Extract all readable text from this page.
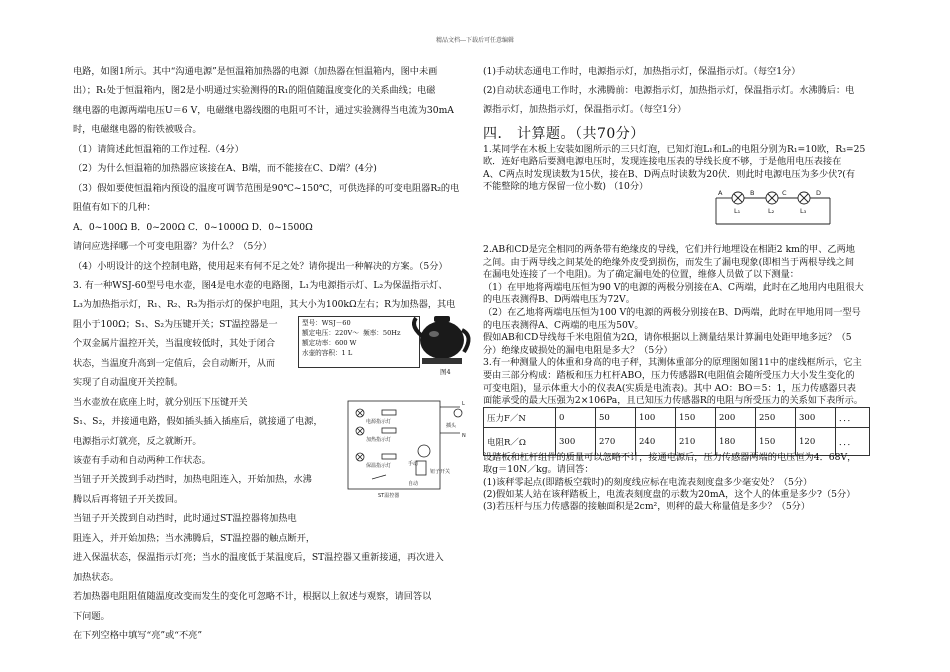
精品文档---下载后可任意编辑
电路，如图1所示。其中“沟通电源”是恒温箱加热器的电源（加热器在恒温箱内，图中未画
出）；R₁处于恒温箱内，图2是小明通过实验测得的R₁的阻值随温度变化的关系曲线；电磁
继电器的电源两端电压U＝6 V，电磁继电器线圈的电阻可不计，通过实验测得当电流为30mA
时，电磁继电器的衔铁被吸合。
（1）请简述此恒温箱的工作过程.（4分）
（2）为什么恒温箱的加热器应该接在A、B端，而不能接在C、D端？(4分)
（3）假如要使恒温箱内预设的温度可调节范围是90℃~150℃，可供选择的可变电阻器R₂的电
阻值有如下的几种：
A．0~100Ω B．0~200Ω C．0~1000Ω D．0~1500Ω
请问应选择哪一个可变电阻器？为什么？（5分）
（4）小明设计的这个控制电路，使用起来有何不足之处？请你提出一种解决的方案。（5分）
3. 有一种WSJ-60型号电水壶，图4是电水壶的电路图，L₁为电源指示灯、L₂为保温指示灯、
L₃为加热指示灯，R₁、R₂、R₃为指示灯的保护电阻，其大小为100kΩ左右；R为加热器，其电
阻小于100Ω；S₁、S₂为压键开关；ST温控器是一
个双金属片温控开关，当温度较低时，其处于闭合
状态，当温度升高到一定值后，会自动断开，从而
实现了自动温度开关控制。
当水壶放在底座上时，就分别压下压键开关
S₁、S₂，并接通电路，假如插头插入插座后，就接通了电源，
电源指示灯就亮，反之就断开。
该壶有手动和自动两种工作状态。
当钮子开关拨到手动挡时，加热电阻连入，开始加热，水沸
腾以后再将钮子开关拨回。
当钮子开关拨到自动挡时，此时通过ST温控器将加热电
阻连入，并开始加热；当水沸腾后，ST温控器的触点断开，
进入保温状态，保温指示灯亮；当水的温度低于某温度后，ST温控器又重新接通，再次进入
加热状态。
若加热器电阻阻值随温度改变而发生的变化可忽略不计，根据以上叙述与观察，请回答以
下问题。
在下列空格中填写“亮”或“不亮”
型号：WSJ－60
额定电压：220V～ 频率：50Hz
额定功率：600 W
水壶的容积：1 L
图4
电源指示灯
加热指示灯
保温指示灯
ST温控器
钮子开关
手动
自动
插头
L
N
(1)手动状态通电工作时，电源指示灯，加热指示灯，保温指示灯。（每空1分）
(2)自动状态通电工作时，水沸腾前：电源指示灯，加热指示灯，保温指示灯。水沸腾后：电
源指示灯，加热指示灯，保温指示灯。（每空1分）
四． 计算题。（共70分）
1.某同学在木板上安装如图所示的三只灯泡，已知灯泡L₁和L₃的电阻分别为R₁=10欧，R₃=25
欧．连好电路后要测电源电压时，发现连接电压表的导线长度不够，于是他用电压表接在
A、C两点时发现读数为15伏，接在B、D两点时读数为20伏．则此时电源电压为多少伏?(有
不能整除的地方保留一位小数) （10分）
A	B	C	D
L₁	L₂	L₃
2.AB和CD是完全相同的两条带有绝缘皮的导线，它们并行地埋设在相距2 km的甲、乙两地
之间。由于两导线之间某处的绝缘外皮受到损伤，而发生了漏电现象(即相当于两根导线之间
在漏电处连接了一个电阻)。为了确定漏电处的位置，维修人员做了以下测量：
（1）在甲地将两端电压恒为90 V的电源的两极分别接在A、C两端，此时在乙地用内电阻很大
的电压表测得B、D两端电压为72V。
（2）在乙地将两端电压恒为100 V的电源的两极分别接在B、D两端，此时在甲地用同一型号
的电压表测得A、C两端的电压为50V。
假如AB和CD导线每千米电阻值为2Ω，请你根据以上测量结果计算漏电处距甲地多远？（5
分）绝缘皮破损处的漏电电阻是多大？（5分）
3.有一种测量人的体重和身高的电子秤，其测体重部分的原理图如图11中的虚线框所示，它主
要由三部分构成：踏板和压力杠杆ABO，压力传感器R(电阻值会随所受压力大小发生变化的
可变电阻)，显示体重大小的仪表A(实质是电流表)。其中 AO：BO＝5：1，压力传感器只表
面能承受的最大压强为2×106Pa，且已知压力传感器R的电阻与所受压力的关系如下表所示。
压力F／N	0	50	100	150	200	250	300	．．．
电阻R／Ω	300	270	240	210	180	150	120	．．．
设踏板和杠杆组件的质量可以忽略不计，接通电源后，压力传感器两端的电压恒为4．68V，
取g＝10N／kg。请回答：
(1)该秤零起点(即踏板空载时)的刻度线应标在电流表刻度盘多少毫安处？（5分）
(2)假如某人站在该秤踏板上，电流表刻度盘的示数为20mA，这个人的体重是多少?（5分）
(3)若压杆与压力传感器的接触面积是2cm²，则秤的最大称量值是多少？（5分）
